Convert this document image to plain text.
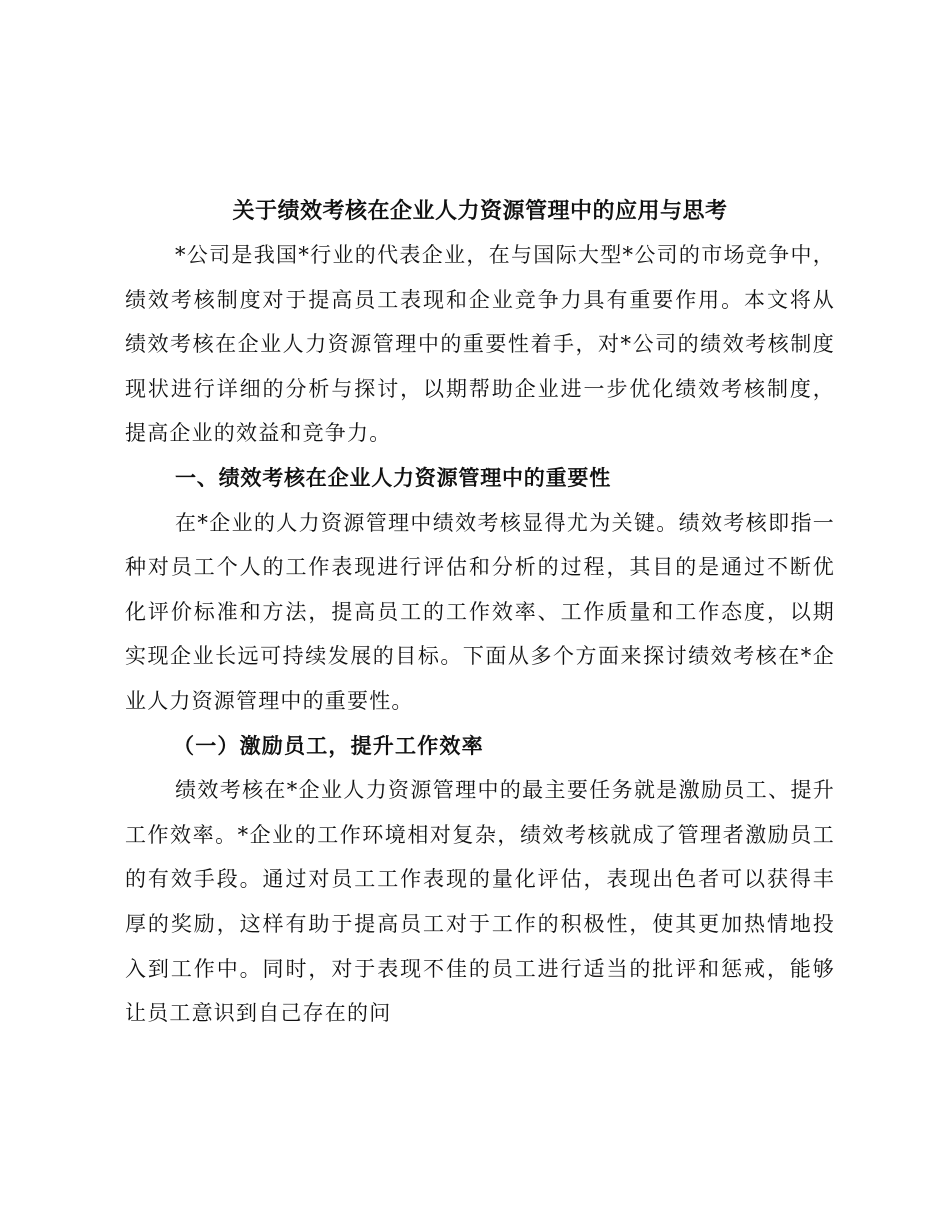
关于绩效考核在企业人力资源管理中的应用与思考

*公司是我国*行业的代表企业，在与国际大型*公司的市场竞争中，绩效考核制度对于提高员工表现和企业竞争力具有重要作用。本文将从绩效考核在企业人力资源管理中的重要性着手，对*公司的绩效考核制度现状进行详细的分析与探讨，以期帮助企业进一步优化绩效考核制度，提高企业的效益和竞争力。

一、绩效考核在企业人力资源管理中的重要性

在*企业的人力资源管理中绩效考核显得尤为关键。绩效考核即指一种对员工个人的工作表现进行评估和分析的过程，其目的是通过不断优化评价标准和方法，提高员工的工作效率、工作质量和工作态度，以期实现企业长远可持续发展的目标。下面从多个方面来探讨绩效考核在*企业人力资源管理中的重要性。

（一）激励员工，提升工作效率

绩效考核在*企业人力资源管理中的最主要任务就是激励员工、提升工作效率。*企业的工作环境相对复杂，绩效考核就成了管理者激励员工的有效手段。通过对员工工作表现的量化评估，表现出色者可以获得丰厚的奖励，这样有助于提高员工对于工作的积极性，使其更加热情地投入到工作中。同时，对于表现不佳的员工进行适当的批评和惩戒，能够让员工意识到自己存在的问
